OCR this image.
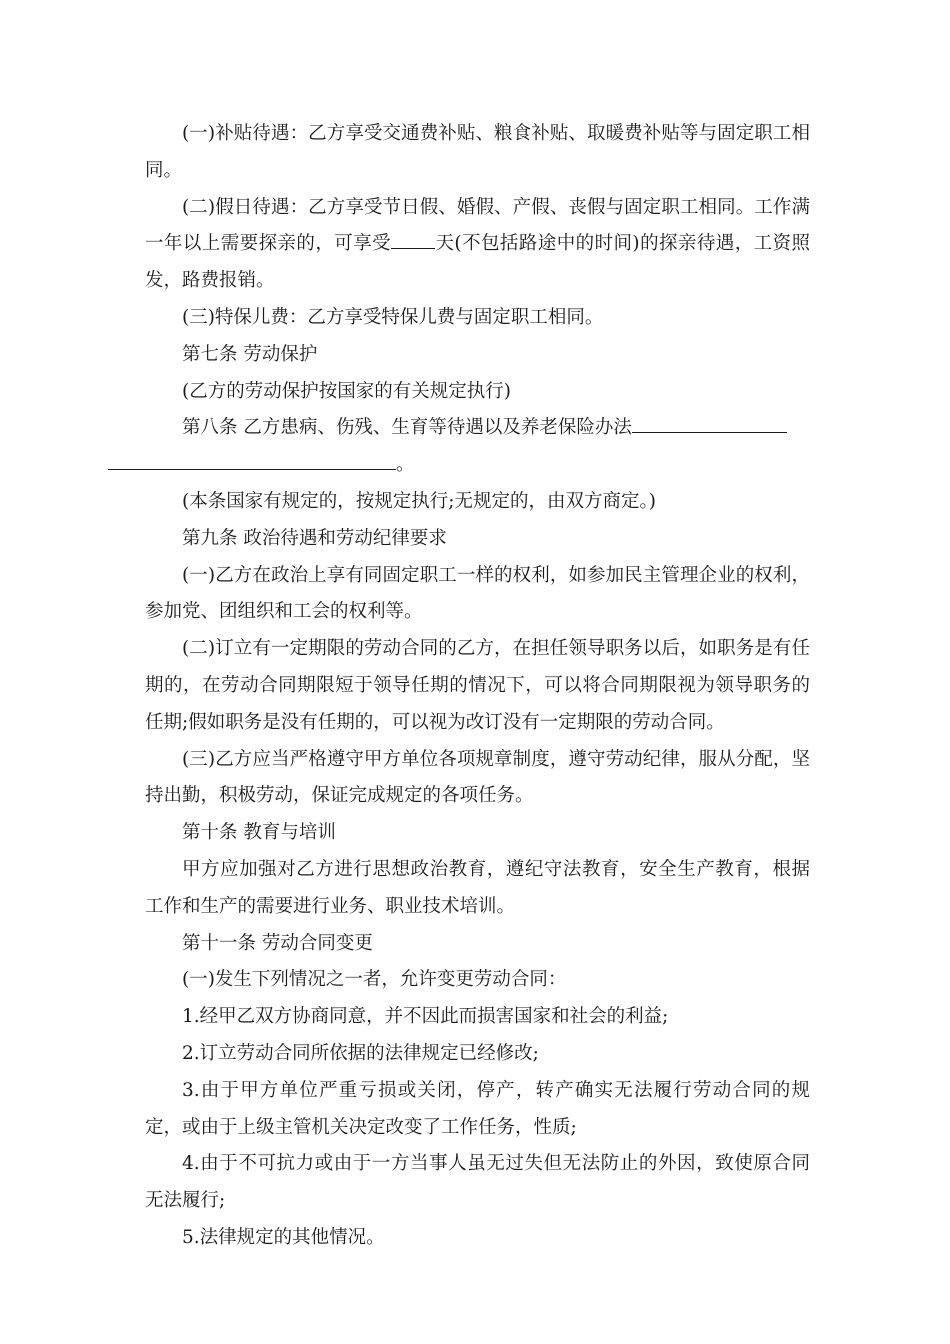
(一)补贴待遇：乙方享受交通费补贴、粮食补贴、取暖费补贴等与固定职工相同。

(二)假日待遇：乙方享受节日假、婚假、产假、丧假与固定职工相同。工作满一年以上需要探亲的，可享受 天(不包括路途中的时间)的探亲待遇，工资照发，路费报销。

(三)特保儿费：乙方享受特保儿费与固定职工相同。

第七条 劳动保护

(乙方的劳动保护按国家的有关规定执行)

第八条 乙方患病、伤残、生育等待遇以及养老保险办法
。

(本条国家有规定的，按规定执行;无规定的，由双方商定。)

第九条 政治待遇和劳动纪律要求

(一)乙方在政治上享有同固定职工一样的权利，如参加民主管理企业的权利，参加党、团组织和工会的权利等。

(二)订立有一定期限的劳动合同的乙方，在担任领导职务以后，如职务是有任期的，在劳动合同期限短于领导任期的情况下，可以将合同期限视为领导职务的任期;假如职务是没有任期的，可以视为改订没有一定期限的劳动合同。

(三)乙方应当严格遵守甲方单位各项规章制度，遵守劳动纪律，服从分配，坚持出勤，积极劳动，保证完成规定的各项任务。

第十条 教育与培训

甲方应加强对乙方进行思想政治教育，遵纪守法教育，安全生产教育，根据工作和生产的需要进行业务、职业技术培训。

第十一条 劳动合同变更

(一)发生下列情况之一者，允许变更劳动合同：

1.经甲乙双方协商同意，并不因此而损害国家和社会的利益;

2.订立劳动合同所依据的法律规定已经修改;

3.由于甲方单位严重亏损或关闭，停产，转产确实无法履行劳动合同的规定，或由于上级主管机关决定改变了工作任务，性质;

4.由于不可抗力或由于一方当事人虽无过失但无法防止的外因，致使原合同无法履行;

5.法律规定的其他情况。
